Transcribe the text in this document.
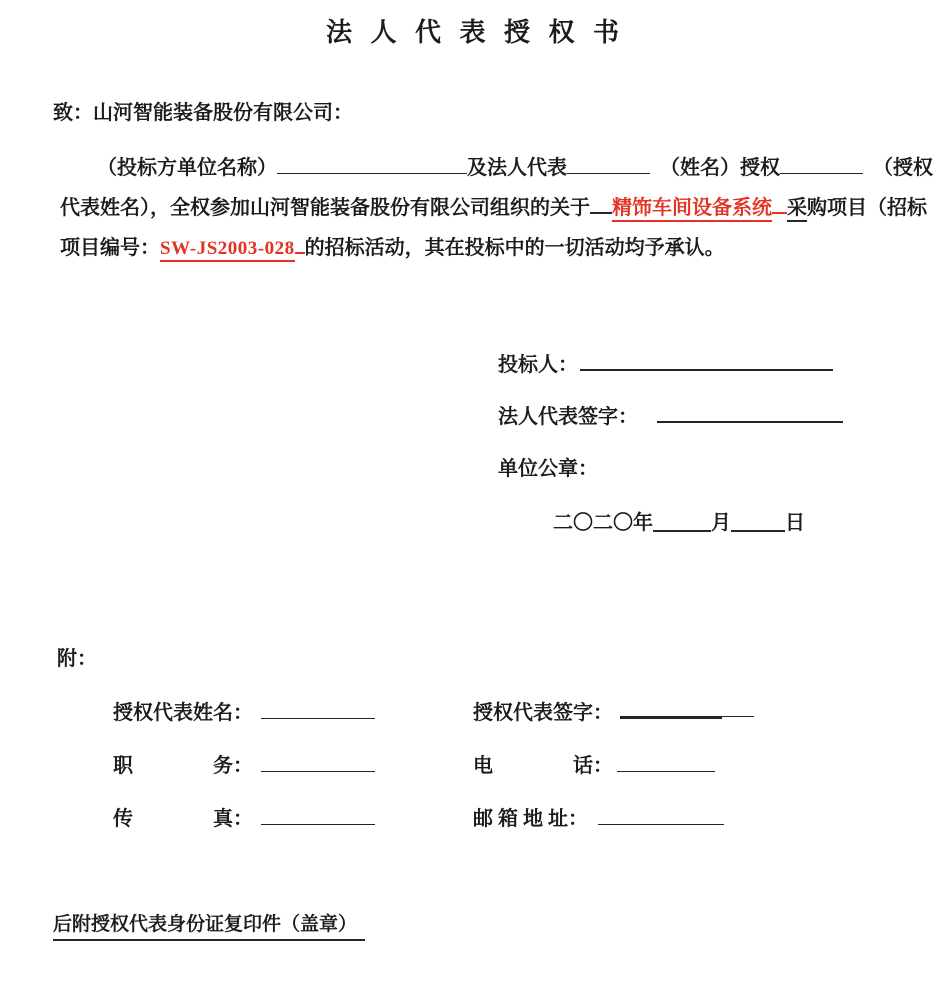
法 人 代 表 授 权 书
致：山河智能装备股份有限公司：
（投标方单位名称）	及法人代表	（姓名）授权	（授权
代表姓名），全权参加山河智能装备股份有限公司组织的关于 精饰车间设备系统 采购项目（招标
项目编号：SW-JS2003-028 的招标活动，其在投标中的一切活动均予承认。
投标人：
法人代表签字：
单位公章：
二〇二〇年	月	日
附：

授权代表姓名：
	授权代表签字：

职　　　　务：
	电　　　　话：

传　　　　真：
	邮 箱 地 址：

后附授权代表身份证复印件（盖章）
